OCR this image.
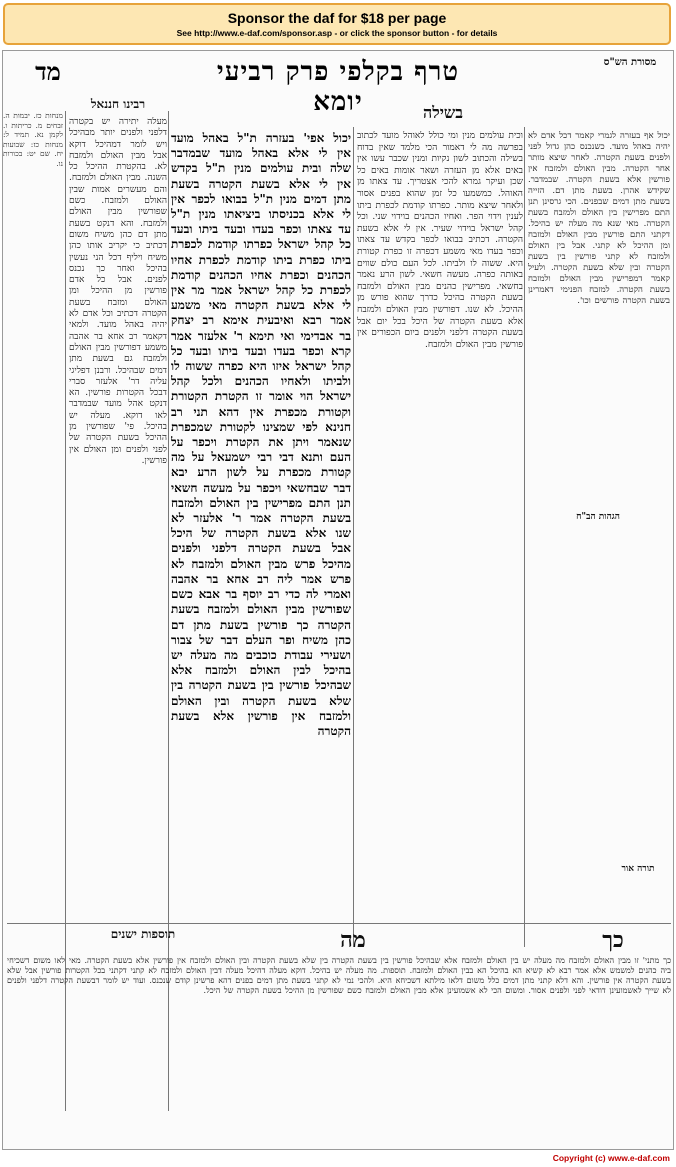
Sponsor the daf for $18 per page
See http://www.e-daf.com/sponsor.asp - or click the sponsor button - for details
מסורת הש"ס
טרף בקלפי פרק רביעי יומא
מד
בשילה
רבינו חננאל
יכול אף בעזרה לגמרי קאמר דכל אדם לא יהיה באהל מועד. כשנכנס כהן גדול לפני ולפנים בשעת הקטרה. לאחר שיצא מותר אחר הקטרה. מבין האולם ולמזבח אין פורשין אלא בשעת הקטרה. שבמדבר. שקידש אהרן. בשעת מתן דם. הזייה בשעת מתן דמים שבפנים. הכי גרסינן תנן התם מפרישין בין האולם ולמזבח בשעת הקטרה. מאי שנא מה מעלה יש בהיכל. דקתני התם פורשין מבין האולם ולמזבח ומן ההיכל לא קתני. אבל בין האולם ולמזבח לא קתני פורשין בין בשעת הקטרה ובין שלא בשעת הקטרה. ולעיל קאמר דמפרישין מבין האולם ולמזבח בשעת הקטרה. למזבח הפנימי דאמרינן בשעת הקטרה פורשים וכו'.
וכית עולמים מנין ומי כולל לאוהל מועד לכתוב בפרשה מה לי דאמור הכי מלמד שאין בדוח בשילה והכתוב לשון נקיות ומנין שכבר עשו אין באים אלא מן העזרה ושאר אומות באים כל שכן ועיקר גמרא להכי אצטריך. עד צאתו מן האוהל. כמשמעו כל זמן שהוא בפנים אסור ולאחר שיצא מותר. כפרתו קודמת לכפרת ביתו לענין וידוי הפר. ואחיו הכהנים בוידוי שני. וכל קהל ישראל בוידוי שעיר. אין לי אלא בשעת הקטרה. דכתיב בבואו לכפר בקדש עד צאתו וכפר בעדו מאי משמע דכפרה זו כפרת קטורת היא. ששוה לו ולביתו. לכל העם כולם שווים באותה כפרה. מעשה חשאי. לשון הרע נאמר בחשאי. מפרישין כהנים מבין האולם ולמזבח בשעת הקטרה בהיכל כדרך שהוא פורש מן ההיכל. לא שנו. דפורשין מבין האולם ולמזבח אלא בשעת הקטרה של היכל בכל יום אבל בשעת הקטרה דלפני ולפנים ביום הכפורים אין פורשין מבין האולם ולמזבח.
יכול אפי' בעזרה ת"ל באהל מועד אין לי אלא באהל מועד שבמדבר שלה ובית עולמים מנין ת"ל בקדש אין לי אלא בשעת הקטרה בשעת מתן דמים מנין ת"ל בבואו לכפר אין לי אלא בכניסתו ביציאתו מנין ת"ל עד צאתו וכפר בעדו ובעד ביתו ובעד כל קהל ישראל כפרתו קודמת לכפרת ביתו כפרת ביתו קודמת לכפרת אחיו הכהנים וכפרת אחיו הכהנים קודמת לכפרת כל קהל ישראל אמר מר אין לי אלא בשעת הקטרה מאי משמע אמר רבא ואיבעית אימא רב יצחק בר אבדימי ואי תימא ר' אלעזר אמר קרא וכפר בעדו ובעד ביתו ובעד כל קהל ישראל איזו היא כפרה ששוה לו ולביתו ולאחיו הכהנים ולכל קהל ישראל הוי אומר זו הקטרת הקטורת וקטורת מכפרת אין דהא תני רב חנינא לפי שמצינו לקטורת שמכפרת שנאמר ויתן את הקטרת ויכפר על העם ותנא דבי רבי ישמעאל על מה קטורת מכפרת על לשון הרע יבא דבר שבחשאי ויכפר על מעשה חשאי תנן התם מפרישין בין האולם ולמזבח בשעת הקטרה אמר ר' אלעזר לא שנו אלא בשעת הקטרה של היכל אבל בשעת הקטרה דלפני ולפנים מהיכל פרש מבין האולם ולמזבח לא פרש אמר ליה רב אחא בר אהבה ואמרי לה כדי רב יוסף בר אבא כשם שפורשין מבין האולם ולמזבח בשעת הקטרה כך פורשין בשעת מתן דם כהן משיח ופר העלם דבר של צבור ושעירי עבודת כוכבים מה מעלה יש בהיכל לבין האולם ולמזבח אלא שבהיכל פורשין בין בשעת הקטרה בין שלא בשעת הקטרה ובין האולם ולמזבח אין פורשין אלא בשעת הקטרה
מעלה יתירה יש בקטרה דלפני ולפנים יותר מבהיכל ויש לומר דמהיכל דוקא אבל מבין האולם ולמזבח לא. בהקטרת ההיכל כל השנה. מבין האולם ולמזבח. והם מעשרים אמות שבין האולם ולמזבח. כשם שפורשין מבין האולם ולמזבח. והא דנקט בשעת מתן דם כהן משיח משום דכתיב כי יקריב אותו כהן משיח ויליף דכל הני נעשין בהיכל ואחר כך נכנס לפנים. אבל כל אדם פורשין מן ההיכל ומן האולם ומזבח בשעת הקטרה דכתיב וכל אדם לא יהיה באהל מועד. ולמאי דקאמר רב אחא בר אהבה משמע דפורשין מבין האולם ולמזבח גם בשעת מתן דמים שבהיכל. ורבנן דפליגי עליה דר' אלעזר סברי דבכל הקטרות פורשין. הא דנקט אהל מועד שבמדבר לאו דוקא. מעלה יש בהיכל. פי' שפורשין מן ההיכל בשעת הקטרה של לפני ולפנים ומן האולם אין פורשין.
מנחות כז. יבמות ה. זבחים מ. כריתות ו. לקמן נא. תמיד ל: מנחות כז: שבועות יח. שם יט: בכורות נו.
הגהות הב"ח
תורה אור
כך
מה
תוספות ישנים
כך מתני' זו מבין האולם ולמזבח מה מעלה יש בין האולם ולמזבח אלא שבהיכל פורשין בין בשעת הקטרה בין שלא בשעת הקטרה ובין האולם ולמזבח אין פורשין אלא בשעת הקטרה. מאי לאו משום דשכיחי ביה כהנים למשמש אלא אמר רבא לא קשיא הא בהיכל הא בבין האולם ולמזבח. תוספות. מה מעלה יש בהיכל. דוקא מעלה דהיכל מעלה דבין האולם ולמזבח לא קתני דקתני בכל הקטרות פורשין אבל שלא בשעת הקטרה אין פורשין. והא דלא קתני מתן דמים כלל משום דלאו מילתא דשכיחא היא. ולהכי נמי לא קתני בשעת מתן דמים בפנים דהא פרשינן קודם שנכנס. ועוד יש לומר דבשעת הקטרה דלפני ולפנים לא שייך לאשמועינן דודאי לפני ולפנים אסור. ומשום הכי לא אשמועינן אלא מבין האולם ולמזבח כשם שפורשין מן ההיכל בשעת הקטרה של היכל.
Copyright (c) www.e-daf.com
